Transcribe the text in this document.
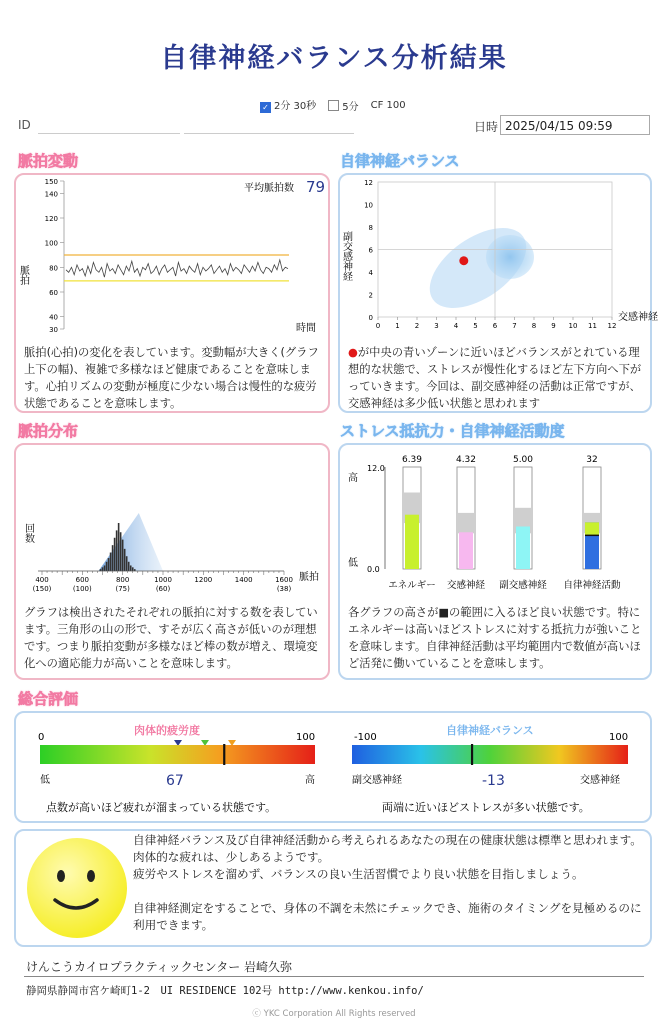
自律神経バランス分析結果
✓ 2分 30秒	5分 CF 100
ID	日時 2025/04/15 09:59
脈拍変動	自律神経バランス
脈拍分布	ストレス抵抗力・自律神経活動度
総合評価
150
140
120
100
80
60
40
30
脈拍
時間
平均脈拍数 79
脈拍(心拍)の変化を表しています。変動幅が大きく(グラフ上下の幅)、複雑で多様なほど健康であることを意味します。心拍リズムの変動が極度に少ない場合は慢性的な疲労状態であることを意味します。
0 1 2 3 4 5 6 7 8 9 10 11 12
0
2
4
6
8
10
12
副交感神経
交感神経
●が中央の青いゾーンに近いほどバランスがとれている理想的な状態で、ストレスが慢性化するほど左下方向へ下がっていきます。今回は、副交感神経の活動は正常ですが、交感神経は多少低い状態と思われます
400
(150)
600
(100)
800
(75)
1000
(60)
1200	1400	1600
(38)
回数
脈拍
グラフは検出されたそれぞれの脈拍に対する数を表しています。三角形の山の形で、すそが広く高さが低いのが理想です。つまり脈拍変動が多様なほど棒の数が増え、環境変化への適応能力が高いことを意味します。
高
低
12.0
0.0
6.39
エネルギー
4.32
交感神経
5.00
副交感神経
32
自律神経活動
各グラフの高さが■の範囲に入るほど良い状態です。特にエネルギーは高いほどストレスに対する抵抗力が強いことを意味します。自律神経活動は平均範囲内で数値が高いほど活発に働いていることを意味します。
肉体的疲労度
0	100
低	高
67
点数が高いほど疲れが溜まっている状態です。
自律神経バランス
-100	100
副交感神経	交感神経
-13
両端に近いほどストレスが多い状態です。
自律神経バランス及び自律神経活動から考えられるあなたの現在の健康状態は標準と思われます。肉体的な疲れは、少しあるようです。
疲労やストレスを溜めず、バランスの良い生活習慣でより良い状態を目指しましょう。
自律神経測定をすることで、身体の不調を未然にチェックでき、施術のタイミングを見極めるのに利用できます。
けんこうカイロプラクティックセンター 岩崎久弥
静岡県静岡市宮ケ崎町1-2　UI RESIDENCE 102号 http://www.kenkou.info/
ⓒ YKC Corporation All Rights reserved
